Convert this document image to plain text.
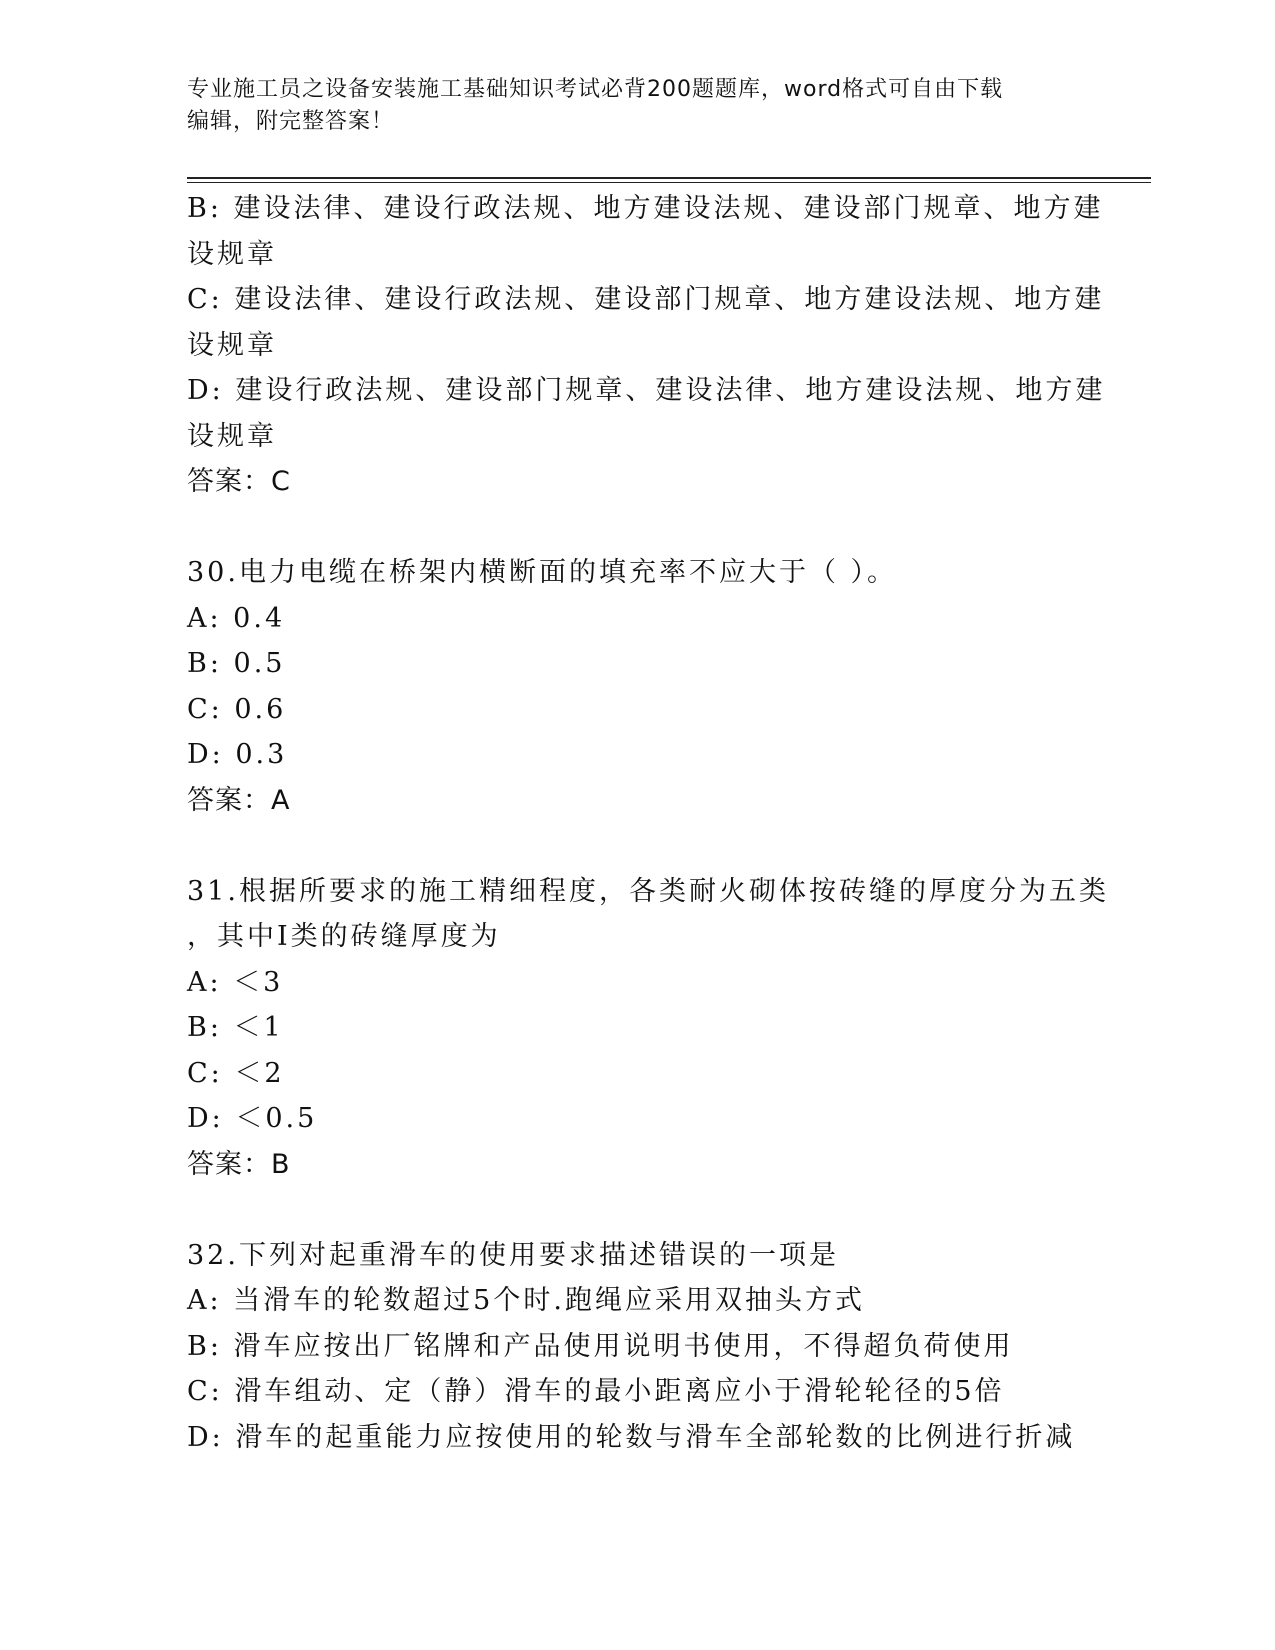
专业施工员之设备安装施工基础知识考试必背200题题库，word格式可自由下载
编辑，附完整答案！
B: 建设法律、建设行政法规、地方建设法规、建设部门规章、地方建
设规章
C: 建设法律、建设行政法规、建设部门规章、地方建设法规、地方建
设规章
D: 建设行政法规、建设部门规章、建设法律、地方建设法规、地方建
设规章
答案：C
30.电力电缆在桥架内横断面的填充率不应大于（ ）。
A: 0.4
B: 0.5
C: 0.6
D: 0.3
答案：A
31.根据所要求的施工精细程度，各类耐火砌体按砖缝的厚度分为五类
，其中Ⅰ类的砖缝厚度为
A: ＜3
B: ＜1
C: ＜2
D: ＜0.5
答案：B
32.下列对起重滑车的使用要求描述错误的一项是
A: 当滑车的轮数超过5个时.跑绳应采用双抽头方式
B: 滑车应按出厂铭牌和产品使用说明书使用，不得超负荷使用
C: 滑车组动、定（静）滑车的最小距离应小于滑轮轮径的5倍
D: 滑车的起重能力应按使用的轮数与滑车全部轮数的比例进行折减
